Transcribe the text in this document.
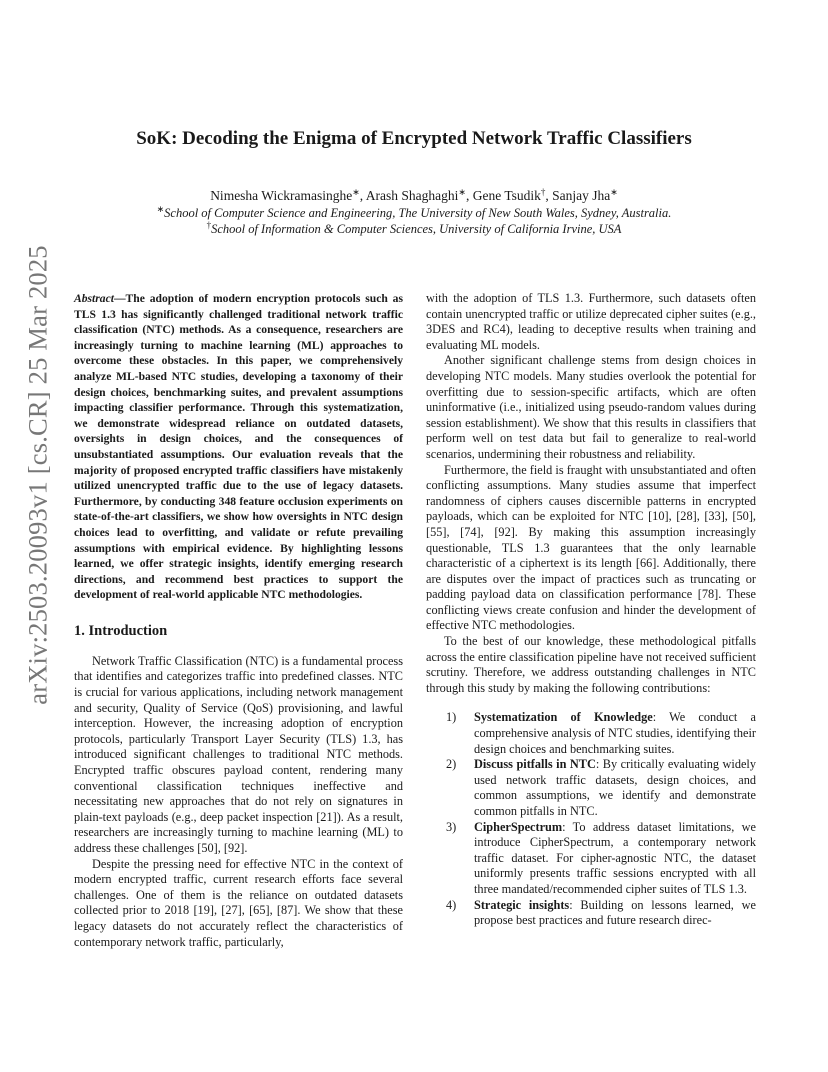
arXiv:2503.20093v1 [cs.CR] 25 Mar 2025
SoK: Decoding the Enigma of Encrypted Network Traffic Classifiers
Nimesha Wickramasinghe∗, Arash Shaghaghi∗, Gene Tsudik†, Sanjay Jha∗
∗School of Computer Science and Engineering, The University of New South Wales, Sydney, Australia.
†School of Information & Computer Sciences, University of California Irvine, USA

Abstract—The adoption of modern encryption protocols such as TLS 1.3 has significantly challenged traditional network traffic classification (NTC) methods. As a consequence, researchers are increasingly turning to machine learning (ML) approaches to overcome these obstacles. In this paper, we comprehensively analyze ML-based NTC studies, developing a taxonomy of their design choices, benchmarking suites, and prevalent assumptions impacting classifier performance. Through this systematization, we demonstrate widespread reliance on outdated datasets, oversights in design choices, and the consequences of unsubstantiated assumptions. Our evaluation reveals that the majority of proposed encrypted traffic classifiers have mistakenly utilized unencrypted traffic due to the use of legacy datasets. Furthermore, by conducting 348 feature occlusion experiments on state-of-the-art classifiers, we show how oversights in NTC design choices lead to overfitting, and validate or refute prevailing assumptions with empirical evidence. By highlighting lessons learned, we offer strategic insights, identify emerging research directions, and recommend best practices to support the development of real-world applicable NTC methodologies.

1. Introduction

Network Traffic Classification (NTC) is a fundamental process that identifies and categorizes traffic into predefined classes. NTC is crucial for various applications, including network management and security, Quality of Service (QoS) provisioning, and lawful interception. However, the increasing adoption of encryption protocols, particularly Transport Layer Security (TLS) 1.3, has introduced significant challenges to traditional NTC methods. Encrypted traffic obscures payload content, rendering many conventional classification techniques ineffective and necessitating new approaches that do not rely on signatures in plain-text payloads (e.g., deep packet inspection [21]). As a result, researchers are increasingly turning to machine learning (ML) to address these challenges [50], [92].

Despite the pressing need for effective NTC in the context of modern encrypted traffic, current research efforts face several challenges. One of them is the reliance on outdated datasets collected prior to 2018 [19], [27], [65], [87]. We show that these legacy datasets do not accurately reflect the characteristics of contemporary network traffic, particularly,

with the adoption of TLS 1.3. Furthermore, such datasets often contain unencrypted traffic or utilize deprecated cipher suites (e.g., 3DES and RC4), leading to deceptive results when training and evaluating ML models.

Another significant challenge stems from design choices in developing NTC models. Many studies overlook the potential for overfitting due to session-specific artifacts, which are often uninformative (i.e., initialized using pseudo-random values during session establishment). We show that this results in classifiers that perform well on test data but fail to generalize to real-world scenarios, undermining their robustness and reliability.

Furthermore, the field is fraught with unsubstantiated and often conflicting assumptions. Many studies assume that imperfect randomness of ciphers causes discernible patterns in encrypted payloads, which can be exploited for NTC [10], [28], [33], [50], [55], [74], [92]. By making this assumption increasingly questionable, TLS 1.3 guarantees that the only learnable characteristic of a ciphertext is its length [66]. Additionally, there are disputes over the impact of practices such as truncating or padding payload data on classification performance [78]. These conflicting views create confusion and hinder the development of effective NTC methodologies.

To the best of our knowledge, these methodological pitfalls across the entire classification pipeline have not received sufficient scrutiny. Therefore, we address outstanding challenges in NTC through this study by making the following contributions:

1) Systematization of Knowledge: We conduct a comprehensive analysis of NTC studies, identifying their design choices and benchmarking suites.
2) Discuss pitfalls in NTC: By critically evaluating widely used network traffic datasets, design choices, and common assumptions, we identify and demonstrate common pitfalls in NTC.
3) CipherSpectrum: To address dataset limitations, we introduce CipherSpectrum, a contemporary network traffic dataset. For cipher-agnostic NTC, the dataset uniformly presents traffic sessions encrypted with all three mandated/recommended cipher suites of TLS 1.3.
4) Strategic insights: Building on lessons learned, we propose best practices and future research direc-
